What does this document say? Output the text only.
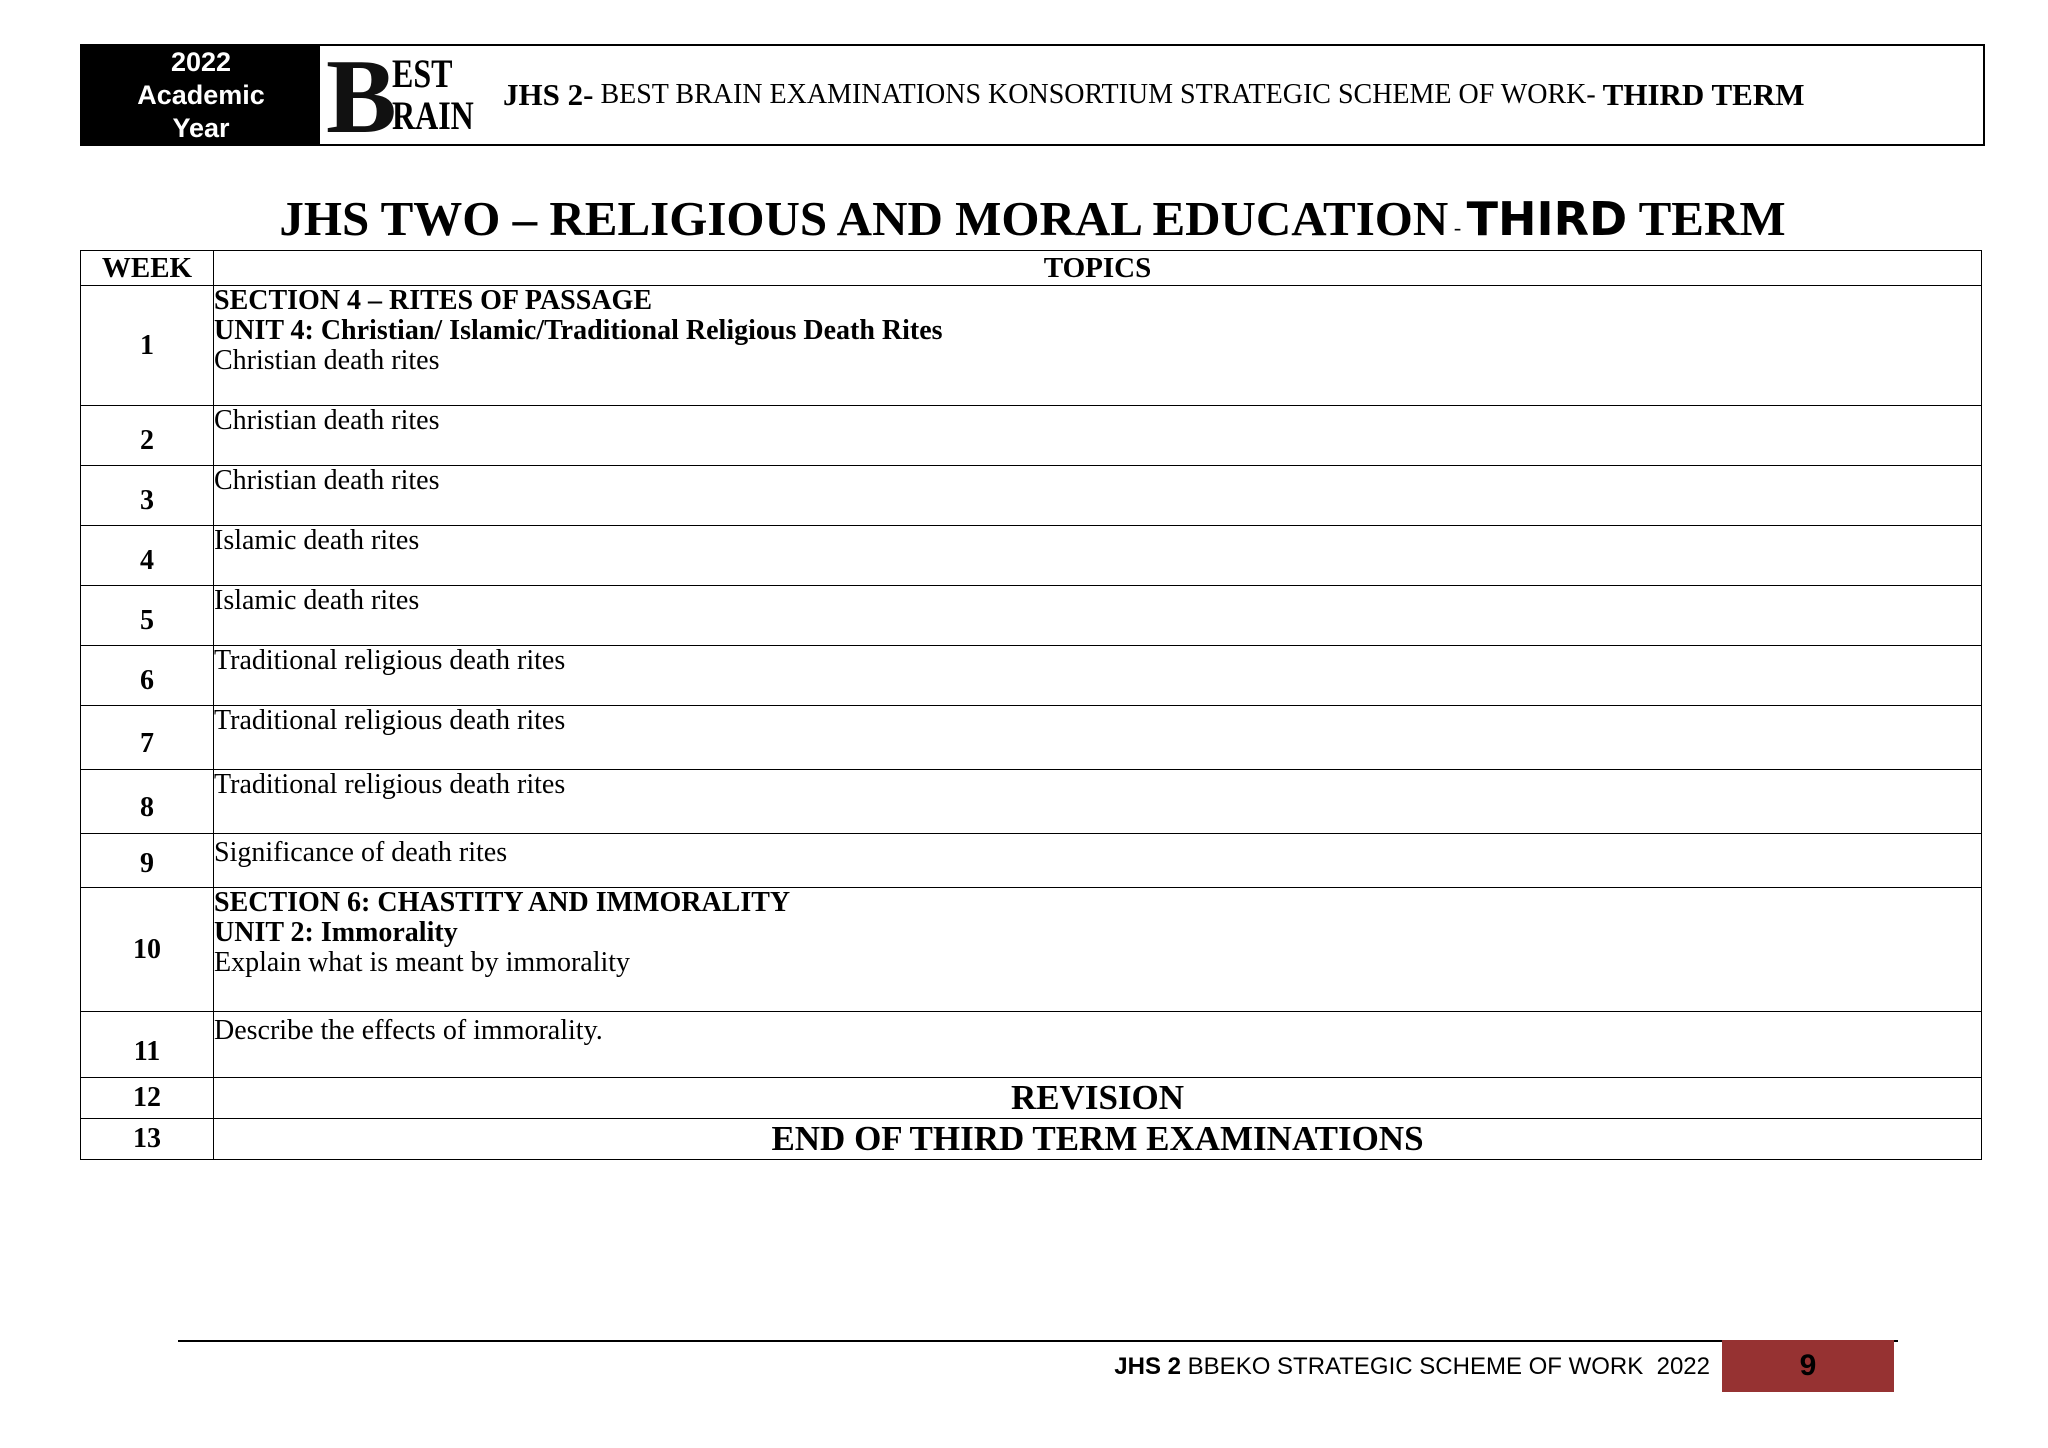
2022
Academic
Year B EST
RAIN JHS 2- BEST BRAIN EXAMINATIONS KONSORTIUM STRATEGIC SCHEME OF WORK- THIRD TERM
JHS TWO – RELIGIOUS AND MORAL EDUCATION - THIRD TERM
WEEK	TOPICS
1	SECTION 4 – RITES OF PASSAGE
UNIT 4: Christian/ Islamic/Traditional Religious Death Rites
Christian death rites

2	Christian death rites
3	Christian death rites
4	Islamic death rites
5	Islamic death rites
6	Traditional religious death rites
7	Traditional religious death rites
8	Traditional religious death rites
9	Significance of death rites
10	SECTION 6: CHASTITY AND IMMORALITY
UNIT 2: Immorality
Explain what is meant by immorality

11	Describe the effects of immorality.
12	REVISION
13	END OF THIRD TERM EXAMINATIONS
JHS 2 BBEKO STRATEGIC SCHEME OF WORK  2022	9
